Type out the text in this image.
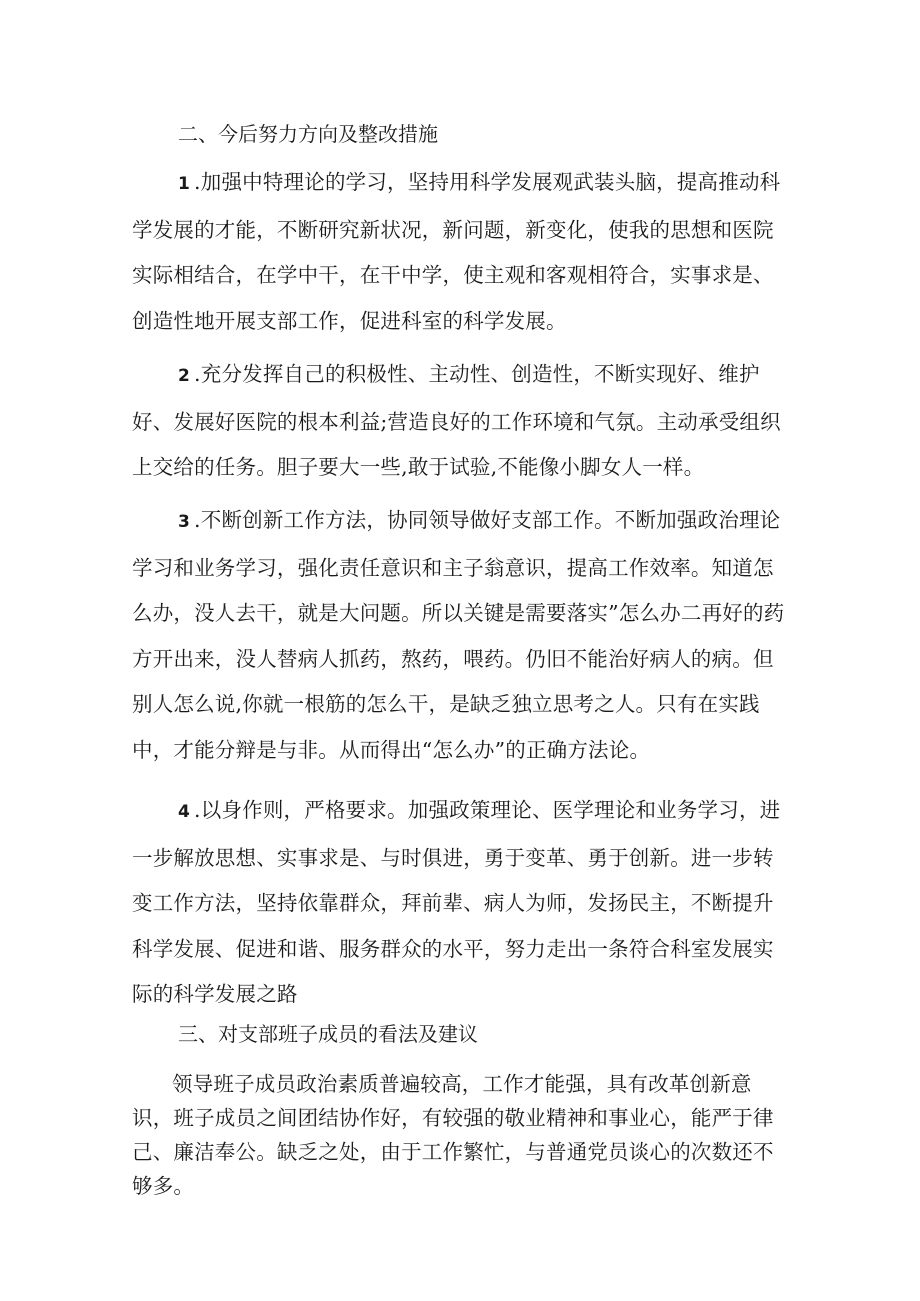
二、今后努力方向及整改措施
1 .加强中特理论的学习，坚持用科学发展观武装头脑，提高推动科学发展的才能，不断研究新状况，新问题，新变化，使我的思想和医院实际相结合，在学中干，在干中学，使主观和客观相符合，实事求是、创造性地开展支部工作，促进科室的科学发展。
2 .充分发挥自己的积极性、主动性、创造性，不断实现好、维护好、发展好医院的根本利益;营造良好的工作环境和气氛。主动承受组织上交给的任务。胆子要大一些,敢于试验,不能像小脚女人一样。
3 .不断创新工作方法，协同领导做好支部工作。不断加强政治理论学习和业务学习，强化责任意识和主子翁意识，提高工作效率。知道怎么办，没人去干，就是大问题。所以关键是需要落实”怎么办二再好的药方开出来，没人替病人抓药，熬药，喂药。仍旧不能治好病人的病。但别人怎么说,你就一根筋的怎么干，是缺乏独立思考之人。只有在实践中，才能分辩是与非。从而得出“怎么办”的正确方法论。
4 .以身作则，严格要求。加强政策理论、医学理论和业务学习，进一步解放思想、实事求是、与时俱进，勇于变革、勇于创新。进一步转变工作方法，坚持依靠群众，拜前辈、病人为师，发扬民主，不断提升科学发展、促进和谐、服务群众的水平，努力走出一条符合科室发展实际的科学发展之路
三、对支部班子成员的看法及建议
领导班子成员政治素质普遍较高，工作才能强，具有改革创新意识，班子成员之间团结协作好，有较强的敬业精神和事业心，能严于律己、廉洁奉公。缺乏之处，由于工作繁忙，与普通党员谈心的次数还不够多。
